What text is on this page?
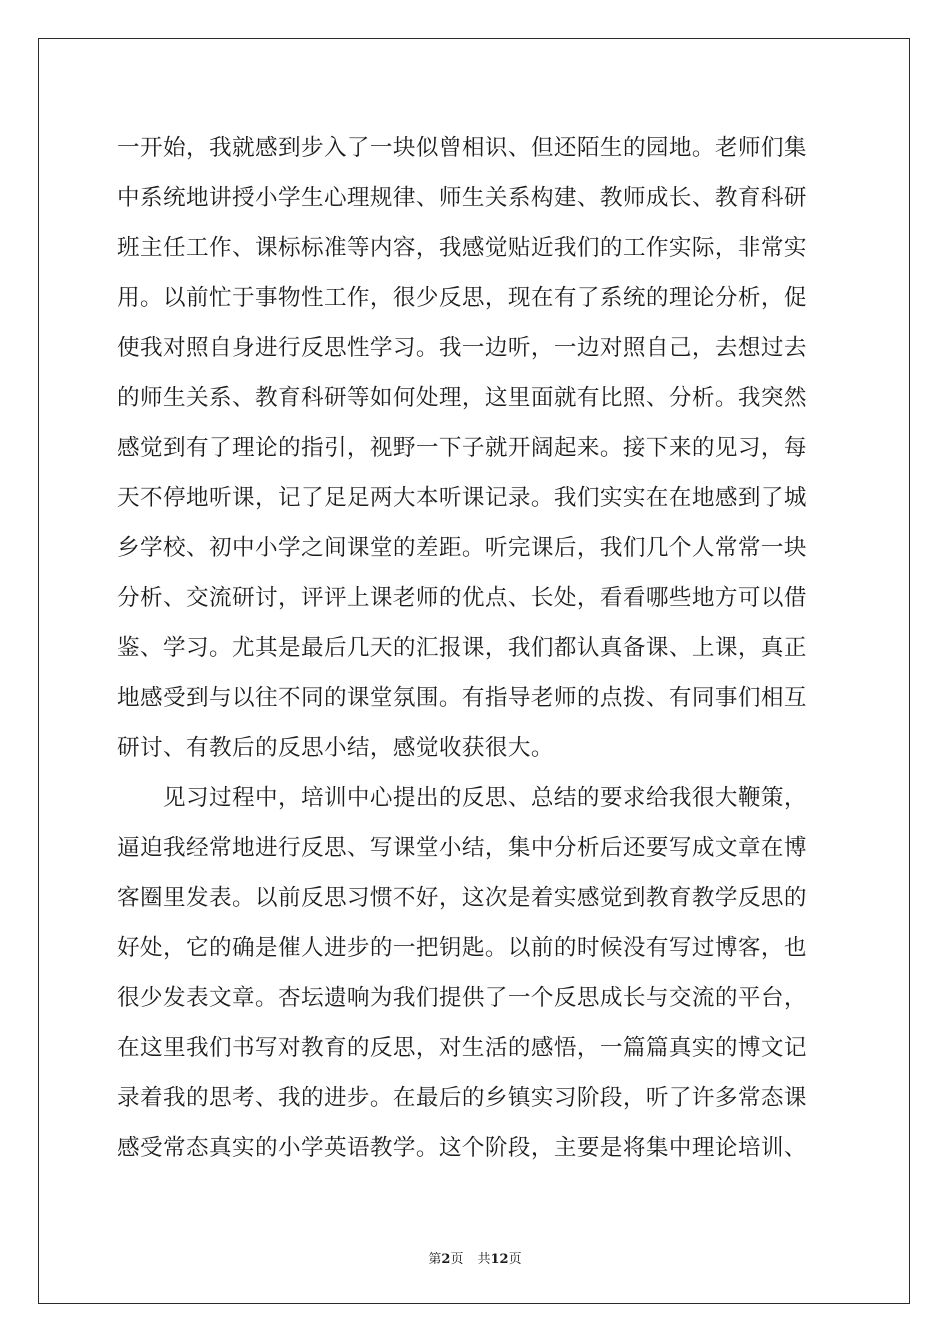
一开始，我就感到步入了一块似曾相识、但还陌生的园地。老师们集
中系统地讲授小学生心理规律、师生关系构建、教师成长、教育科研
班主任工作、课标标准等内容，我感觉贴近我们的工作实际，非常实
用。以前忙于事物性工作，很少反思，现在有了系统的理论分析，促
使我对照自身进行反思性学习。我一边听，一边对照自己，去想过去
的师生关系、教育科研等如何处理，这里面就有比照、分析。我突然
感觉到有了理论的指引，视野一下子就开阔起来。接下来的见习，每
天不停地听课，记了足足两大本听课记录。我们实实在在地感到了城
乡学校、初中小学之间课堂的差距。听完课后，我们几个人常常一块
分析、交流研讨，评评上课老师的优点、长处，看看哪些地方可以借
鉴、学习。尤其是最后几天的汇报课，我们都认真备课、上课，真正
地感受到与以往不同的课堂氛围。有指导老师的点拨、有同事们相互
研讨、有教后的反思小结，感觉收获很大。
　　见习过程中，培训中心提出的反思、总结的要求给我很大鞭策，
逼迫我经常地进行反思、写课堂小结，集中分析后还要写成文章在博
客圈里发表。以前反思习惯不好，这次是着实感觉到教育教学反思的
好处，它的确是催人进步的一把钥匙。以前的时候没有写过博客，也
很少发表文章。杏坛遗响为我们提供了一个反思成长与交流的平台，
在这里我们书写对教育的反思，对生活的感悟，一篇篇真实的博文记
录着我的思考、我的进步。在最后的乡镇实习阶段，听了许多常态课
感受常态真实的小学英语教学。这个阶段，主要是将集中理论培训、
第2页 共12页
